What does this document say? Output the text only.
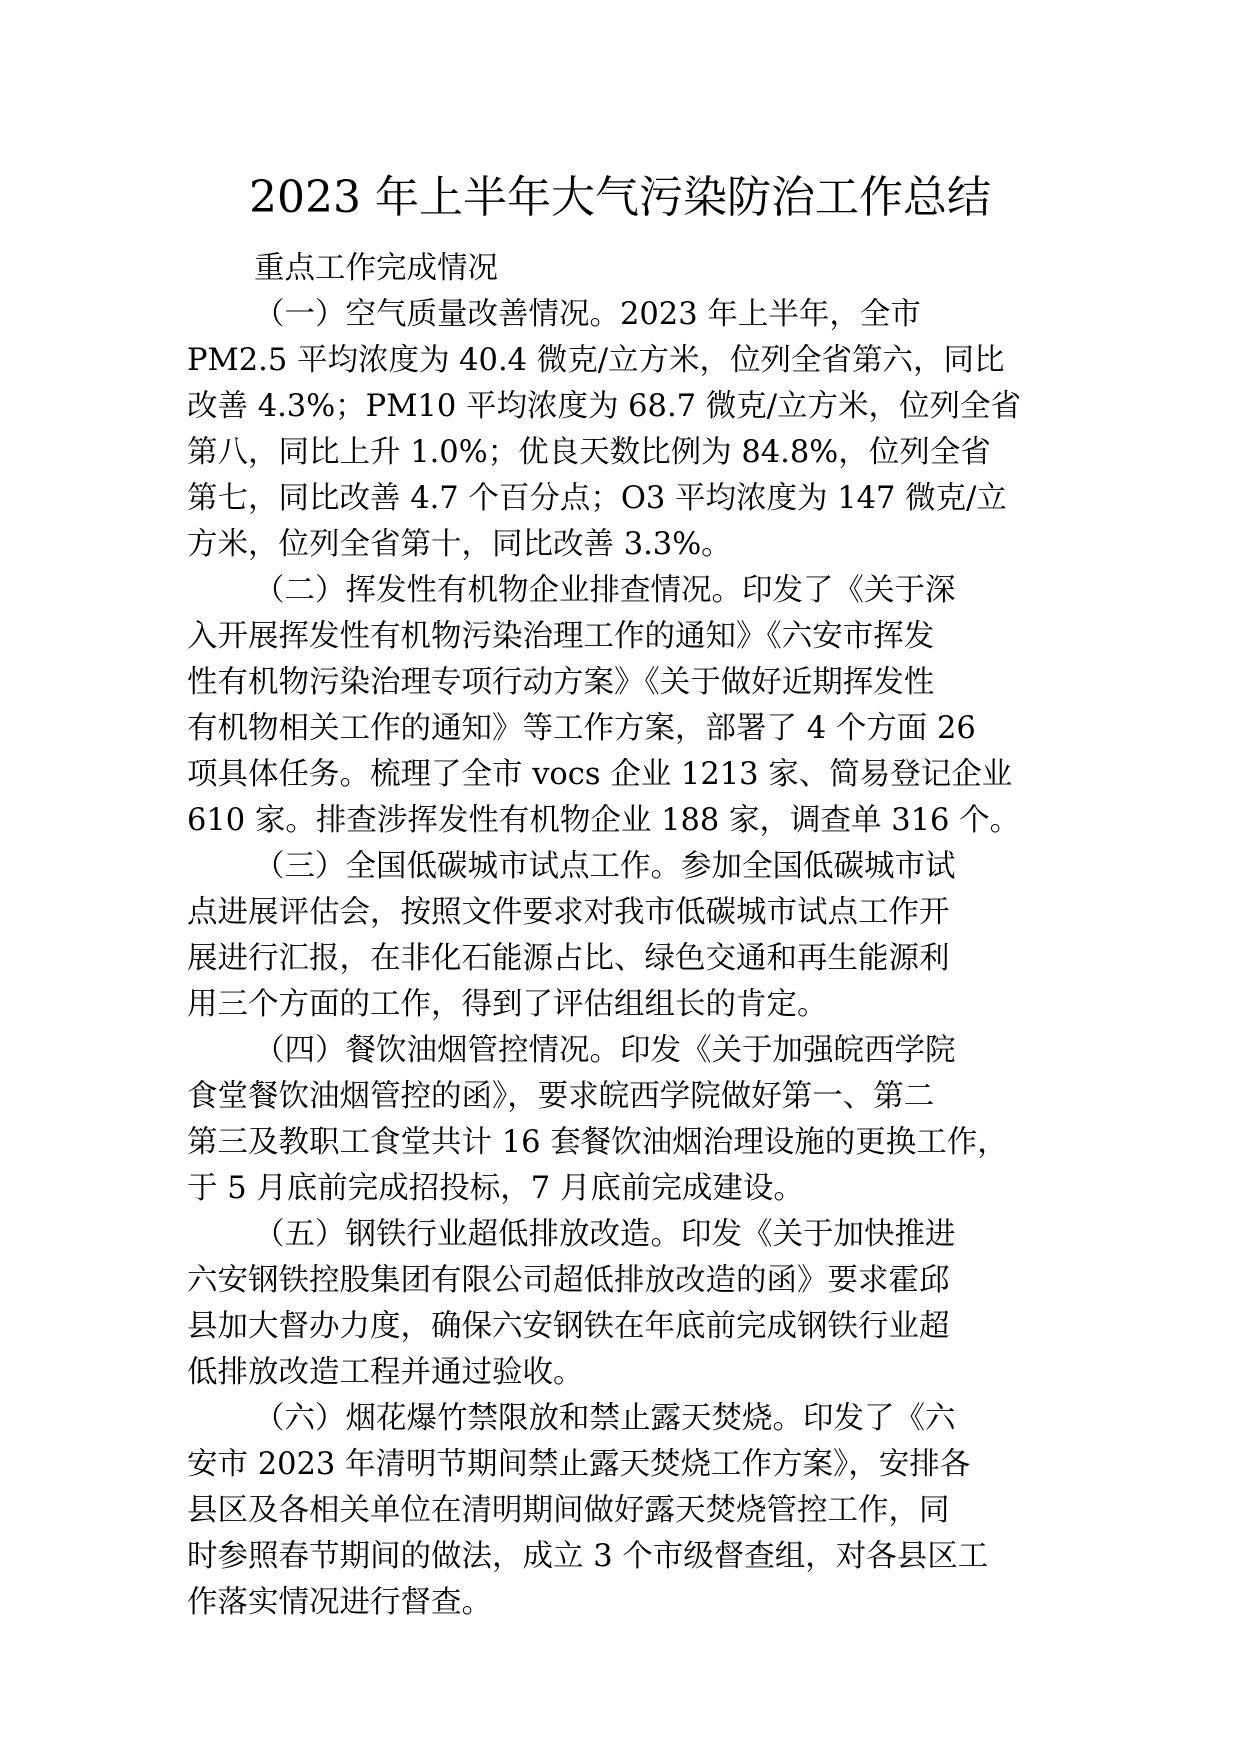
2023 年上半年大气污染防治工作总结
重点工作完成情况
（一）空气质量改善情况。2023 年上半年，全市
PM2.5 平均浓度为 40.4 微克/立方米，位列全省第六，同比
改善 4.3%；PM10 平均浓度为 68.7 微克/立方米，位列全省
第八，同比上升 1.0%；优良天数比例为 84.8%，位列全省
第七，同比改善 4.7 个百分点；O3 平均浓度为 147 微克/立
方米，位列全省第十，同比改善 3.3%。
（二）挥发性有机物企业排查情况。印发了《关于深
入开展挥发性有机物污染治理工作的通知》《六安市挥发
性有机物污染治理专项行动方案》《关于做好近期挥发性
有机物相关工作的通知》等工作方案，部署了 4 个方面 26
项具体任务。梳理了全市 vocs 企业 1213 家、简易登记企业
610 家。排查涉挥发性有机物企业 188 家，调查单 316 个。
（三）全国低碳城市试点工作。参加全国低碳城市试
点进展评估会，按照文件要求对我市低碳城市试点工作开
展进行汇报，在非化石能源占比、绿色交通和再生能源利
用三个方面的工作，得到了评估组组长的肯定。
（四）餐饮油烟管控情况。印发《关于加强皖西学院
食堂餐饮油烟管控的函》，要求皖西学院做好第一、第二
第三及教职工食堂共计 16 套餐饮油烟治理设施的更换工作，
于 5 月底前完成招投标，7 月底前完成建设。
（五）钢铁行业超低排放改造。印发《关于加快推进
六安钢铁控股集团有限公司超低排放改造的函》要求霍邱
县加大督办力度，确保六安钢铁在年底前完成钢铁行业超
低排放改造工程并通过验收。
（六）烟花爆竹禁限放和禁止露天焚烧。印发了《六
安市 2023 年清明节期间禁止露天焚烧工作方案》，安排各
县区及各相关单位在清明期间做好露天焚烧管控工作，同
时参照春节期间的做法，成立 3 个市级督查组，对各县区工
作落实情况进行督查。
